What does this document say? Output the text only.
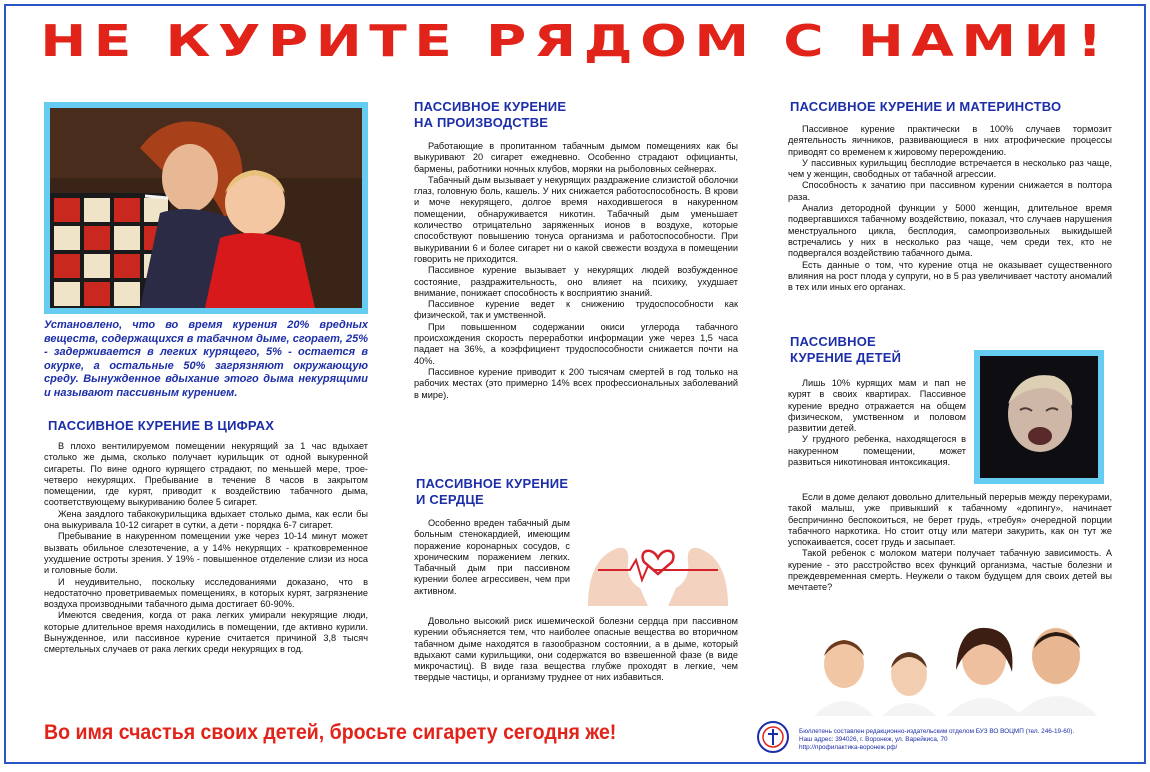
НЕ КУРИТЕ РЯДОМ С НАМИ!

Установлено, что во время курения 20% вредных веществ, содержащихся в табачном дыме, сгорает, 25% - задерживается в легких курящего, 5% - остается в окурке, а остальные 50% загрязняют окружающую среду. Вынужденное вдыхание этого дыма некурящими и называют пассивным курением.

ПАССИВНОЕ КУРЕНИЕ В ЦИФРАХ

В плохо вентилируемом помещении некурящий за 1 час вдыхает столько же дыма, сколько получает курильщик от одной выкуренной сигареты. По вине одного курящего страдают, по меньшей мере, трое-четверо некурящих. Пребывание в течение 8 часов в закрытом помещении, где курят, приводит к воздействию табачного дыма, соответствующему выкуриванию более 5 сигарет.

Жена заядлого табакокурильщика вдыхает столько дыма, как если бы она выкуривала 10-12 сигарет в сутки, а дети - порядка 6-7 сигарет.

Пребывание в накуренном помещении уже через 10-14 минут может вызвать обильное слезотечение, а у 14% некурящих - кратковременное ухудшение остроты зрения. У 19% - повышенное отделение слизи из носа и головные боли.

И неудивительно, поскольку исследованиями доказано, что в недостаточно проветриваемых помещениях, в которых курят, загрязнение воздуха производными табачного дыма достигает 60-90%.

Имеются сведения, когда от рака легких умирали некурящие люди, которые длительное время находились в помещении, где активно курили. Вынужденное, или пассивное курение считается причиной 3,8 тысяч смертельных случаев от рака легких среди некурящих в год.

ПАССИВНОЕ КУРЕНИЕ
НА ПРОИЗВОДСТВЕ

Работающие в пропитанном табачным дымом помещениях как бы выкуривают 20 сигарет ежедневно. Особенно страдают официанты, бармены, работники ночных клубов, моряки на рыболовных сейнерах.

Табачный дым вызывает у некурящих раздражение слизистой оболочки глаз, головную боль, кашель. У них снижается работоспособность. В крови и моче некурящего, долгое время находившегося в накуренном помещении, обнаруживается никотин. Табачный дым уменьшает количество отрицательно заряженных ионов в воздухе, которые способствуют повышению тонуса организма и работоспособности. При выкуривании 6 и более сигарет ни о какой свежести воздуха в помещении говорить не приходится.

Пассивное курение вызывает у некурящих людей возбужденное состояние, раздражительность, оно влияет на психику, ухудшает внимание, понижает способность к восприятию знаний.

Пассивное курение ведет к снижению трудоспособности как физической, так и умственной.

При повышенном содержании окиси углерода табачного происхождения скорость переработки информации уже через 1,5 часа падает на 36%, а коэффициент трудоспособности снижается почти на 40%.

Пассивное курение приводит к 200 тысячам смертей в год только на рабочих местах (это примерно 14% всех профессиональных заболеваний в мире).

ПАССИВНОЕ КУРЕНИЕ
И СЕРДЦЕ

Особенно вреден табачный дым больным стенокардией, имеющим поражение коронарных сосудов, с хроническим поражением легких. Табачный дым при пассивном курении более агрессивен, чем при активном.

Довольно высокий риск ишемической болезни сердца при пассивном курении объясняется тем, что наиболее опасные вещества во вторичном табачном дыме находятся в газообразном состоянии, а в дыме, который вдыхают сами курильщики, они содержатся во взвешенной фазе (в виде микрочастиц). В виде газа вещества глубже проходят в легкие, чем твердые частицы, и организму труднее от них избавиться.

ПАССИВНОЕ КУРЕНИЕ И МАТЕРИНСТВО

Пассивное курение практически в 100% случаев тормозит деятельность яичников, развивающиеся в них атрофические процессы приводят со временем к жировому перерождению.

У пассивных курильщиц бесплодие встречается в несколько раз чаще, чем у женщин, свободных от табачной агрессии.

Способность к зачатию при пассивном курении снижается в полтора раза.

Анализ детородной функции у 5000 женщин, длительное время подвергавшихся табачному воздействию, показал, что случаев нарушения менструального цикла, бесплодия, самопроизвольных выкидышей встречались у них в несколько раз чаще, чем среди тех, кто не подвергался воздействию табачного дыма.

Есть данные о том, что курение отца не оказывает существенного влияния на рост плода у супруги, но в 5 раз увеличивает частоту аномалий в тех или иных его органах.

ПАССИВНОЕ
КУРЕНИЕ ДЕТЕЙ

Лишь 10% курящих мам и пап не курят в своих квартирах. Пассивное курение вредно отражается на общем физическом, умственном и половом развитии детей.

У грудного ребенка, находящегося в накуренном помещении, может развиться никотиновая интоксикация.

Если в доме делают довольно длительный перерыв между перекурами, такой малыш, уже привыкший к табачному «допингу», начинает беспричинно беспокоиться, не берет грудь, «требуя» очередной порции табачного наркотика. Но стоит отцу или матери закурить, как он тут же успокаивается, сосет грудь и засыпает.

Такой ребенок с молоком матери получает табачную зависимость. А курение - это расстройство всех функций организма, частые болезни и преждевременная смерть. Неужели о таком будущем для своих детей вы мечтаете?

Во имя счастья своих детей, бросьте сигарету сегодня же!	Бюллетень составлен редакционно-издательским отделом БУЗ ВО ВОЦМП (тел. 246-19-60).
Наш адрес: 394026, г. Воронеж, ул. Варейкиса, 70
http://профилактика-воронеж.рф/
